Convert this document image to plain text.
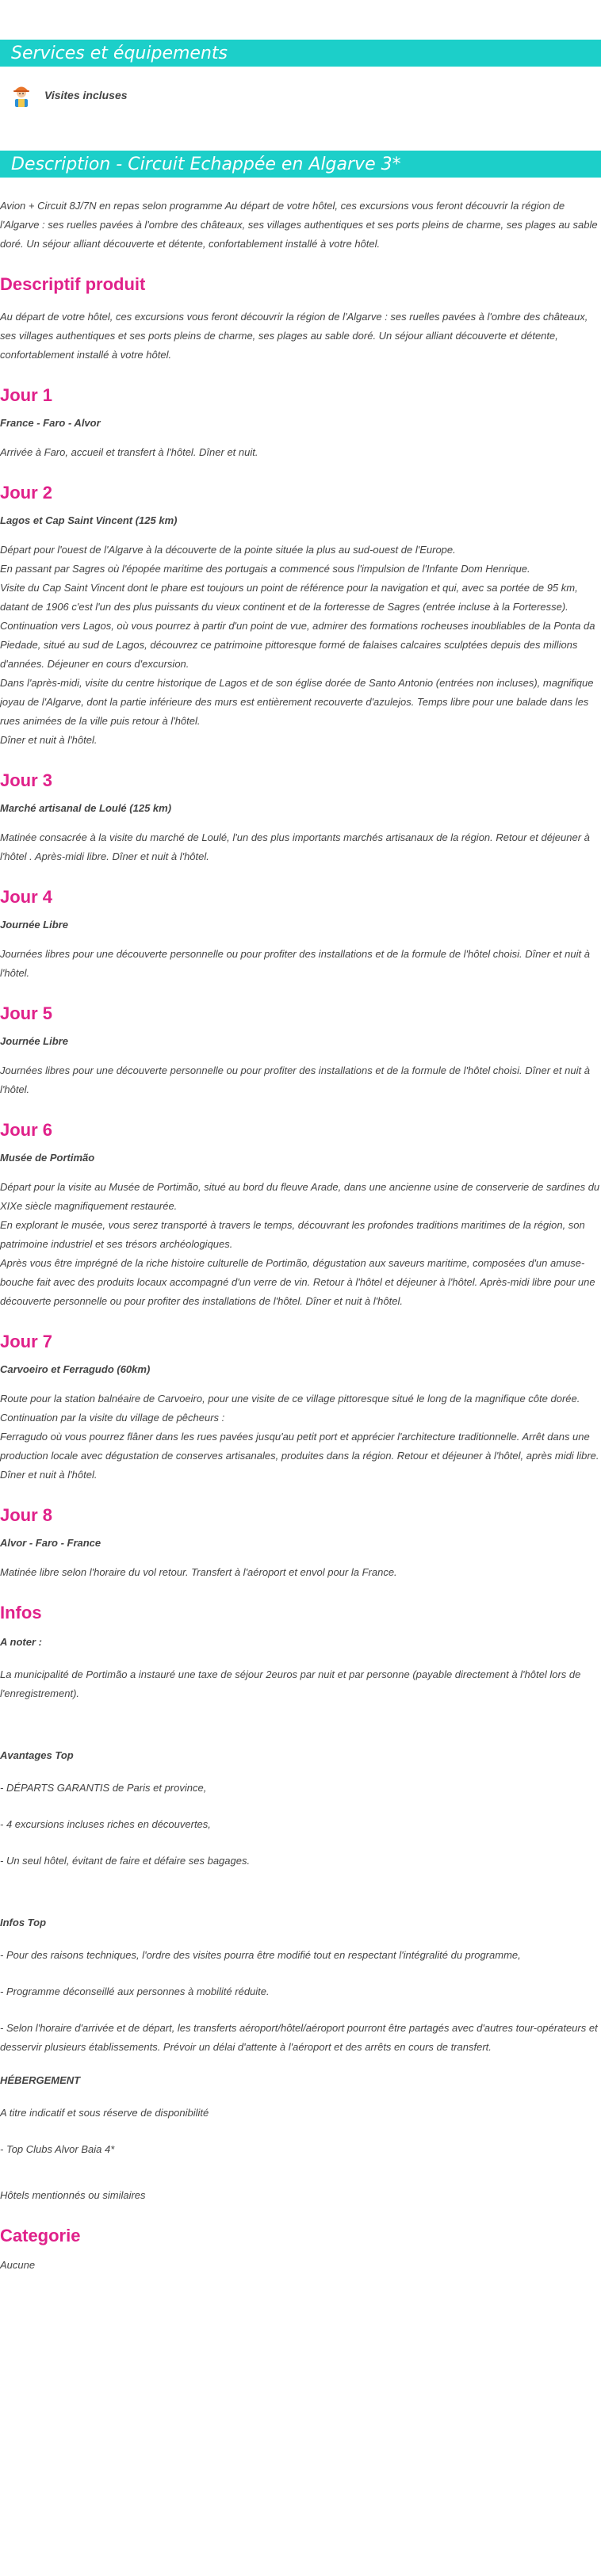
Services et équipements
Visites incluses
Description - Circuit Echappée en Algarve 3*

Avion + Circuit 8J/7N en repas selon programme Au départ de votre hôtel, ces excursions vous feront découvrir la région de l'Algarve : ses ruelles pavées à l'ombre des châteaux, ses villages authentiques et ses ports pleins de charme, ses plages au sable doré. Un séjour alliant découverte et détente, confortablement installé à votre hôtel.

Descriptif produit

Au départ de votre hôtel, ces excursions vous feront découvrir la région de l'Algarve : ses ruelles pavées à l'ombre des châteaux, ses villages authentiques et ses ports pleins de charme, ses plages au sable doré. Un séjour alliant découverte et détente, confortablement installé à votre hôtel.

Jour 1

France - Faro - Alvor

Arrivée à Faro, accueil et transfert à l'hôtel. Dîner et nuit.

Jour 2

Lagos et Cap Saint Vincent (125 km)

Départ pour l'ouest de l'Algarve à la découverte de la pointe située la plus au sud-ouest de l'Europe.
En passant par Sagres où l'épopée maritime des portugais a commencé sous l'impulsion de l'Infante Dom Henrique.
Visite du Cap Saint Vincent dont le phare est toujours un point de référence pour la navigation et qui, avec sa portée de 95 km, datant de 1906 c'est l'un des plus puissants du vieux continent et de la forteresse de Sagres (entrée incluse à la Forteresse).
Continuation vers Lagos, où vous pourrez à partir d'un point de vue, admirer des formations rocheuses inoubliables de la Ponta da Piedade, situé au sud de Lagos, découvrez ce patrimoine pittoresque formé de falaises calcaires sculptées depuis des millions d'années. Déjeuner en cours d'excursion.
Dans l'après-midi, visite du centre historique de Lagos et de son église dorée de Santo Antonio (entrées non incluses), magnifique joyau de l'Algarve, dont la partie inférieure des murs est entièrement recouverte d'azulejos. Temps libre pour une balade dans les rues animées de la ville puis retour à l'hôtel.
Dîner et nuit à l'hôtel.

Jour 3

Marché artisanal de Loulé (125 km)

Matinée consacrée à la visite du marché de Loulé, l'un des plus importants marchés artisanaux de la région. Retour et déjeuner à l'hôtel . Après-midi libre. Dîner et nuit à l'hôtel.

Jour 4

Journée Libre

Journées libres pour une découverte personnelle ou pour profiter des installations et de la formule de l'hôtel choisi. Dîner et nuit à l'hôtel.

Jour 5

Journée Libre

Journées libres pour une découverte personnelle ou pour profiter des installations et de la formule de l'hôtel choisi. Dîner et nuit à l'hôtel.

Jour 6

Musée de Portimão

Départ pour la visite au Musée de Portimão, situé au bord du fleuve Arade, dans une ancienne usine de conserverie de sardines du XIXe siècle magnifiquement restaurée.
En explorant le musée, vous serez transporté à travers le temps, découvrant les profondes traditions maritimes de la région, son patrimoine industriel et ses trésors archéologiques.
Après vous être imprégné de la riche histoire culturelle de Portimão, dégustation aux saveurs maritime, composées d'un amuse-bouche fait avec des produits locaux accompagné d'un verre de vin. Retour à l'hôtel et déjeuner à l'hôtel. Après-midi libre pour une découverte personnelle ou pour profiter des installations de l'hôtel. Dîner et nuit à l'hôtel.

Jour 7

Carvoeiro et Ferragudo (60km)

Route pour la station balnéaire de Carvoeiro, pour une visite de ce village pittoresque situé le long de la magnifique côte dorée. Continuation par la visite du village de pêcheurs :
Ferragudo où vous pourrez flâner dans les rues pavées jusqu'au petit port et apprécier l'architecture traditionnelle. Arrêt dans une production locale avec dégustation de conserves artisanales, produites dans la région. Retour et déjeuner à l'hôtel, après midi libre. Dîner et nuit à l'hôtel.

Jour 8

Alvor - Faro - France

Matinée libre selon l'horaire du vol retour. Transfert à l'aéroport et envol pour la France.

Infos

A noter :

La municipalité de Portimão a instauré une taxe de séjour 2euros par nuit et par personne (payable directement à l'hôtel lors de l'enregistrement).

Avantages Top

- DÉPARTS GARANTIS de Paris et province,

- 4 excursions incluses riches en découvertes,

- Un seul hôtel, évitant de faire et défaire ses bagages.

Infos Top

- Pour des raisons techniques, l'ordre des visites pourra être modifié tout en respectant l'intégralité du programme,

- Programme déconseillé aux personnes à mobilité réduite.

- Selon l'horaire d'arrivée et de départ, les transferts aéroport/hôtel/aéroport pourront être partagés avec d'autres tour-opérateurs et desservir plusieurs établissements. Prévoir un délai d'attente à l'aéroport et des arrêts en cours de transfert.

HÉBERGEMENT

A titre indicatif et sous réserve de disponibilité

- Top Clubs Alvor Baia 4*

Hôtels mentionnés ou similaires

Categorie
Aucune
